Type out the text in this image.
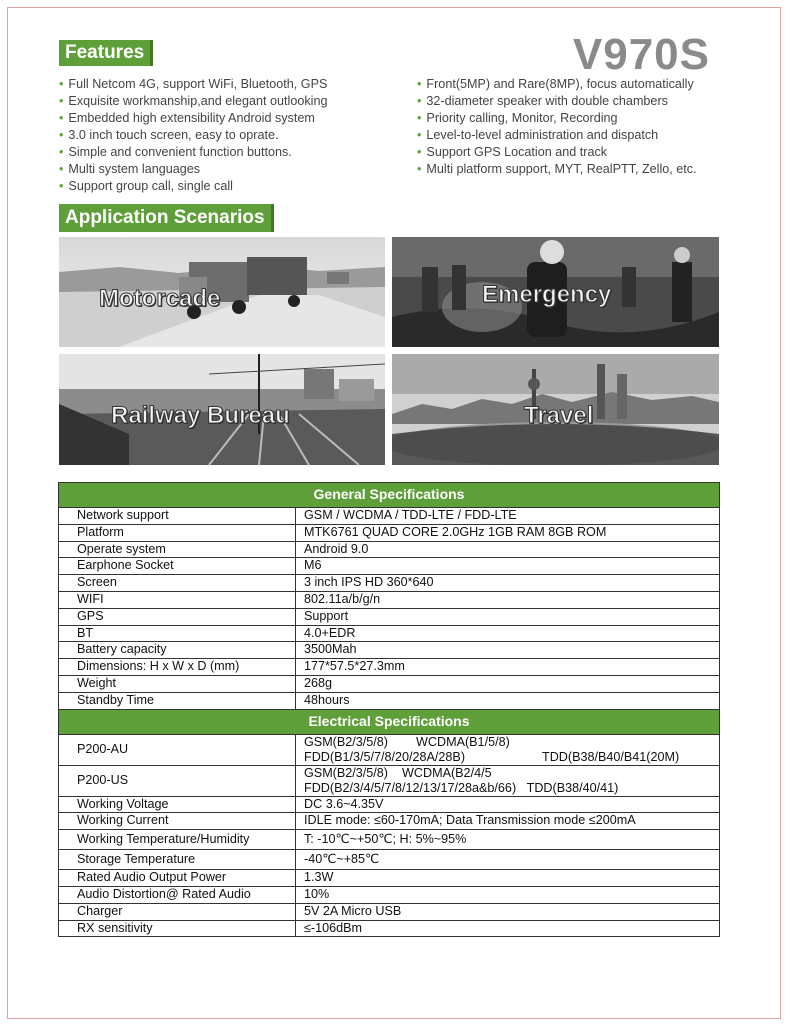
Features	V970S
• Full Netcom 4G, support WiFi, Bluetooth, GPS
• Exquisite workmanship,and elegant outlooking
• Embedded high extensibility Android system
• 3.0 inch touch screen, easy to oprate.
• Simple and convenient function buttons.
• Multi system languages
• Support group call, single call
• Front(5MP) and Rare(8MP), focus automatically
• 32-diameter speaker with double chambers
• Priority calling, Monitor, Recording
• Level-to-level administration and dispatch
• Support GPS Location and track
• Multi platform support, MYT, RealPTT, Zello, etc.
Application Scenarios
Motorcade	Emergency
Railway Bureau	Travel
General Specifications	
Network support	GSM / WCDMA / TDD-LTE / FDD-LTE
Platform	MTK6761 QUAD CORE 2.0GHz 1GB RAM 8GB ROM
Operate system	Android 9.0
Earphone Socket	M6
Screen	3 inch IPS HD 360*640
WIFI	802.11a/b/g/n
GPS	Support
BT	4.0+EDR
Battery capacity	3500Mah
Dimensions: H x W x D (mm)	177*57.5*27.3mm
Weight	268g
Standby Time	48hours
Electrical Specifications	
P200-AU	GSM(B2/3/5/8) WCDMA(B1/5/8)
FDD(B1/3/5/7/8/20/28A/28B) TDD(B38/B40/B41(20M)

P200-US	GSM(B2/3/5/8) WCDMA(B2/4/5
FDD(B2/3/4/5/7/8/12/13/17/28a&b/66) TDD(B38/40/41)

Working Voltage	DC 3.6~4.35V
Working Current	IDLE mode: ≤60-170mA; Data Transmission mode ≤200mA
Working Temperature/Humidity	T: -10℃~+50℃; H: 5%~95%
Storage Temperature	-40℃~+85℃
Rated Audio Output Power	1.3W
Audio Distortion@ Rated Audio	10%
Charger	5V 2A Micro USB
RX sensitivity	≤-106dBm
